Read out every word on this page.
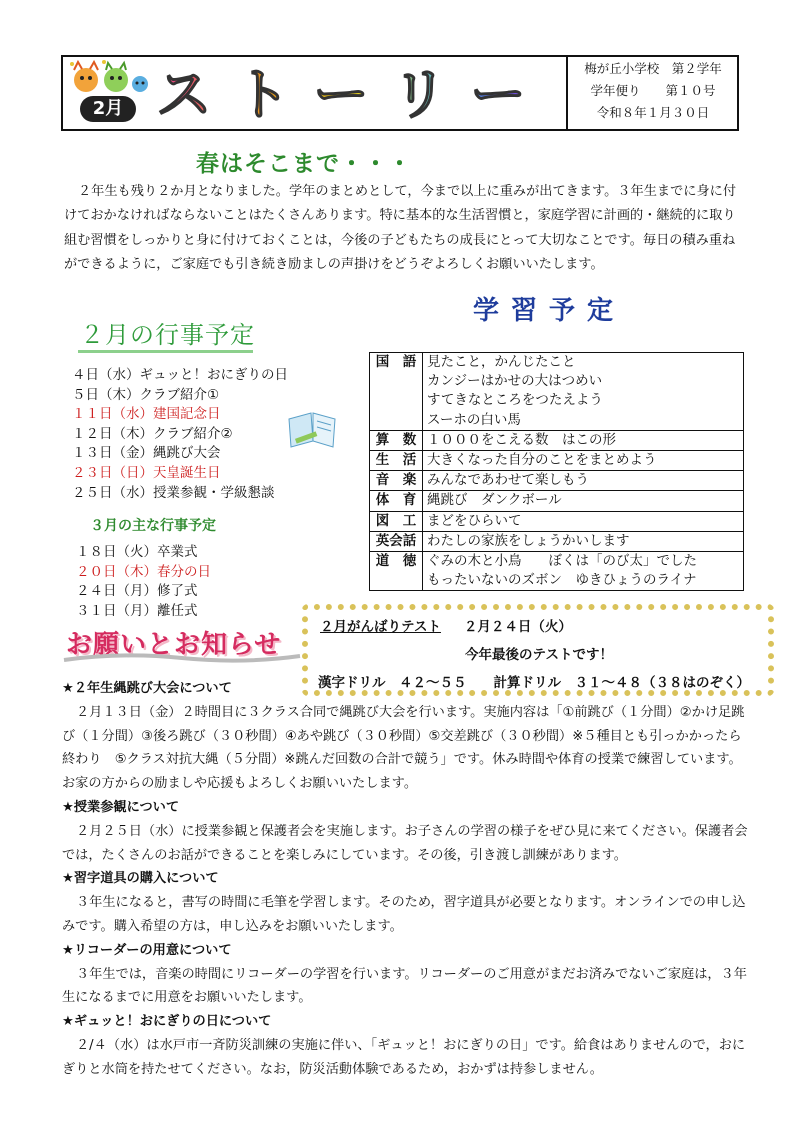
2月 ストーリー	梅が丘小学校　第２学年
学年便り　　第１０号
令和８年１月３０日
春はそこまで・・・

２年生も残り２か月となりました。学年のまとめとして，今まで以上に重みが出てきます。３年生までに身に付けておかなければならないことはたくさんあります。特に基本的な生活習慣と，家庭学習に計画的・継続的に取り組む習慣をしっかりと身に付けておくことは，今後の子どもたちの成長にとって大切なことです。毎日の積み重ねができるように，ご家庭でも引き続き励ましの声掛けをどうぞよろしくお願いいたします。

学習予定
２月の行事予定
４日（水）ギュッと！おにぎりの日
５日（木）クラブ紹介①
１１日（水）建国記念日
１２日（木）クラブ紹介②
１３日（金）縄跳び大会
２３日（日）天皇誕生日
２５日（水）授業参観・学級懇談
３月の主な行事予定
１８日（火）卒業式
２０日（木）春分の日
２４日（月）修了式
３１日（月）離任式
国　語	見たこと，かんじたこと
カンジーはかせの大はつめい
すてきなところをつたえよう
スーホの白い馬

算　数	１０００をこえる数　はこの形

生　活	大きくなった自分のことをまとめよう

音　楽	みんなであわせて楽しもう

体　育	縄跳び　ダンクボール

図　工	まどをひらいて

英会話	わたしの家族をしょうかいします

道　徳	ぐみの木と小鳥　　ぼくは「のび太」でした
もったいないのズボン　ゆきひょうのライナ
２月がんばりテスト 　 ２月２４日（火）
今年最後のテストです！
漢字ドリル　４２～５５　　計算ドリル　３１～４８（３８はのぞく）
お願いとお知らせ
★２年生縄跳び大会について

２月１３日（金）２時間目に３クラス合同で縄跳び大会を行います。実施内容は「①前跳び（１分間）②かけ足跳び（１分間）③後ろ跳び（３０秒間）④あや跳び（３０秒間）⑤交差跳び（３０秒間）※５種目とも引っかかったら終わり　⑤クラス対抗大縄（５分間）※跳んだ回数の合計で競う」です。休み時間や体育の授業で練習しています。お家の方からの励ましや応援もよろしくお願いいたします。

★授業参観について

２月２５日（水）に授業参観と保護者会を実施します。お子さんの学習の様子をぜひ見に来てください。保護者会では，たくさんのお話ができることを楽しみにしています。その後，引き渡し訓練があります。

★習字道具の購入について

３年生になると，書写の時間に毛筆を学習します。そのため，習字道具が必要となります。オンラインでの申し込みです。購入希望の方は，申し込みをお願いいたします。

★リコーダーの用意について

３年生では，音楽の時間にリコーダーの学習を行います。リコーダーのご用意がまだお済みでないご家庭は，３年生になるまでに用意をお願いいたします。

★ギュッと！おにぎりの日について

２/４（水）は水戸市一斉防災訓練の実施に伴い、「ギュッと！おにぎりの日」です。給食はありませんので，おにぎりと水筒を持たせてください。なお，防災活動体験であるため，おかずは持参しません。
